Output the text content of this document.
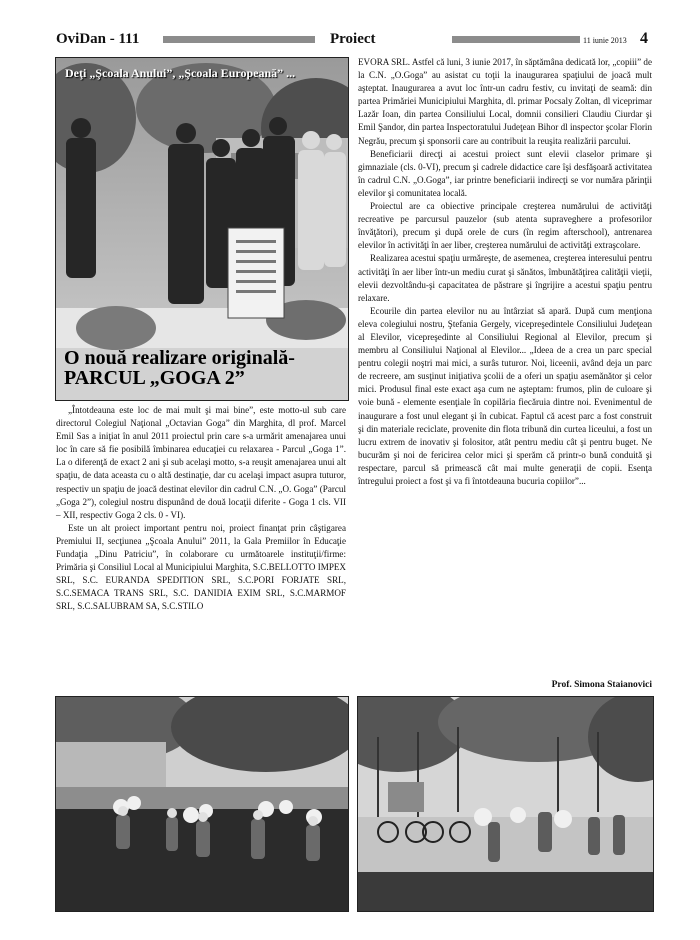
OviDan - 111	Proiect	11 iunie 2013 4
Deţi „Şcoala Anului”, „Şcoala Europeană” ...
O nouă realizare originală- PARCUL „GOGA 2”

„Întotdeauna este loc de mai mult şi mai bine”, este motto-ul sub care directorul Colegiul Naţional „Octavian Goga” din Marghita, dl prof. Marcel Emil Sas a iniţiat în anul 2011 proiectul prin care s-a urmărit amenajarea unui loc în care să fie posibilă îmbinarea educaţiei cu relaxarea - Parcul „Goga 1”. La o diferenţă de exact 2 ani şi sub acelaşi motto, s-a reuşit amenajarea unui alt spaţiu, de data aceasta cu o altă destinaţie, dar cu acelaşi impact asupra tuturor, respectiv un spaţiu de joacă destinat elevilor din cadrul C.N. „O. Goga” (Parcul „Goga 2”), colegiul nostru dispunând de două locaţii diferite - Goga 1 cls. VII – XII, respectiv Goga 2 cls. 0 - VI).

Este un alt proiect important pentru noi, proiect finanţat prin câştigarea Premiului II, secţiunea „Şcoala Anului” 2011, la Gala Premiilor în Educaţie Fundaţia „Dinu Patriciu”, în colaborare cu următoarele instituţii/firme: Primăria şi Consiliul Local al Municipiului Marghita, S.C.BELLOTTO IMPEX SRL, S.C. EURANDA SPEDITION SRL, S.C.PORI FORJATE SRL, S.C.SEMACA TRANS SRL, S.C. DANIDIA EXIM SRL, S.C.MARMOF SRL, S.C.SALUBRAM SA, S.C.STILO

EVORA SRL. Astfel că luni, 3 iunie 2017, în săptămâna dedicată lor, „copiii” de la C.N. „O.Goga” au asistat cu toţii la inaugurarea spaţiului de joacă mult aşteptat. Inaugurarea a avut loc într-un cadru festiv, cu invitaţi de seamă: din partea Primăriei Municipiului Marghita, dl. primar Pocsaly Zoltan, dl viceprimar Lazăr Ioan, din partea Consiliului Local, domnii consilieri Claudiu Ciurdar şi Emil Şandor, din partea Inspectoratului Judeţean Bihor dl inspector şcolar Florin Negrău, precum şi sponsorii care au contribuit la reuşita realizării parcului.

Beneficiarii direcţi ai acestui proiect sunt elevii claselor primare şi gimnaziale (cls. 0-VI), precum şi cadrele didactice care îşi desfăşoară activitatea în cadrul C.N. „O.Goga”, iar printre beneficiarii indirecţi se vor număra părinţii elevilor şi comunitatea locală.

Proiectul are ca obiective principale creşterea numărului de activităţi recreative pe parcursul pauzelor (sub atenta supraveghere a profesorilor învăţători), precum şi după orele de curs (în regim afterschool), antrenarea elevilor în activităţi în aer liber, creşterea numărului de activităţi extraşcolare.

Realizarea acestui spaţiu urmăreşte, de asemenea, creşterea interesului pentru activităţi în aer liber într-un mediu curat şi sănătos, îmbunătăţirea calităţii vieţii, elevii dezvoltându-şi capacitatea de păstrare şi îngrijire a acestui spaţiu pentru relaxare.

Ecourile din partea elevilor nu au întârziat să apară. După cum menţiona eleva colegiului nostru, Ştefania Gergely, vicepreşedintele Consiliului Judeţean al Elevilor, vicepreşedinte al Consiliului Regional al Elevilor, precum şi membru al Consiliului Naţional al Elevilor... „Ideea de a crea un parc special pentru colegii noştri mai mici, a surâs tuturor. Noi, liceenii, având deja un parc de recreere, am susţinut iniţiativa şcolii de a oferi un spaţiu asemănător şi celor mici. Produsul final este exact aşa cum ne aşteptam: frumos, plin de culoare şi voie bună - elemente esenţiale în copilăria fiecăruia dintre noi. Evenimentul de inaugurare a fost unul elegant şi în cubicat. Faptul că acest parc a fost construit şi din materiale reciclate, provenite din flota tribună din curtea liceului, a fost un lucru extrem de inovativ şi folositor, atât pentru mediu cât şi pentru buget. Ne bucurăm şi noi de fericirea celor mici şi sperăm că printr-o bună conduită şi respectare, parcul să primească cât mai multe generaţii de copii. Esenţa întregului proiect a fost şi va fi întotdeauna bucuria copiilor”...

Prof. Simona Staianovici
